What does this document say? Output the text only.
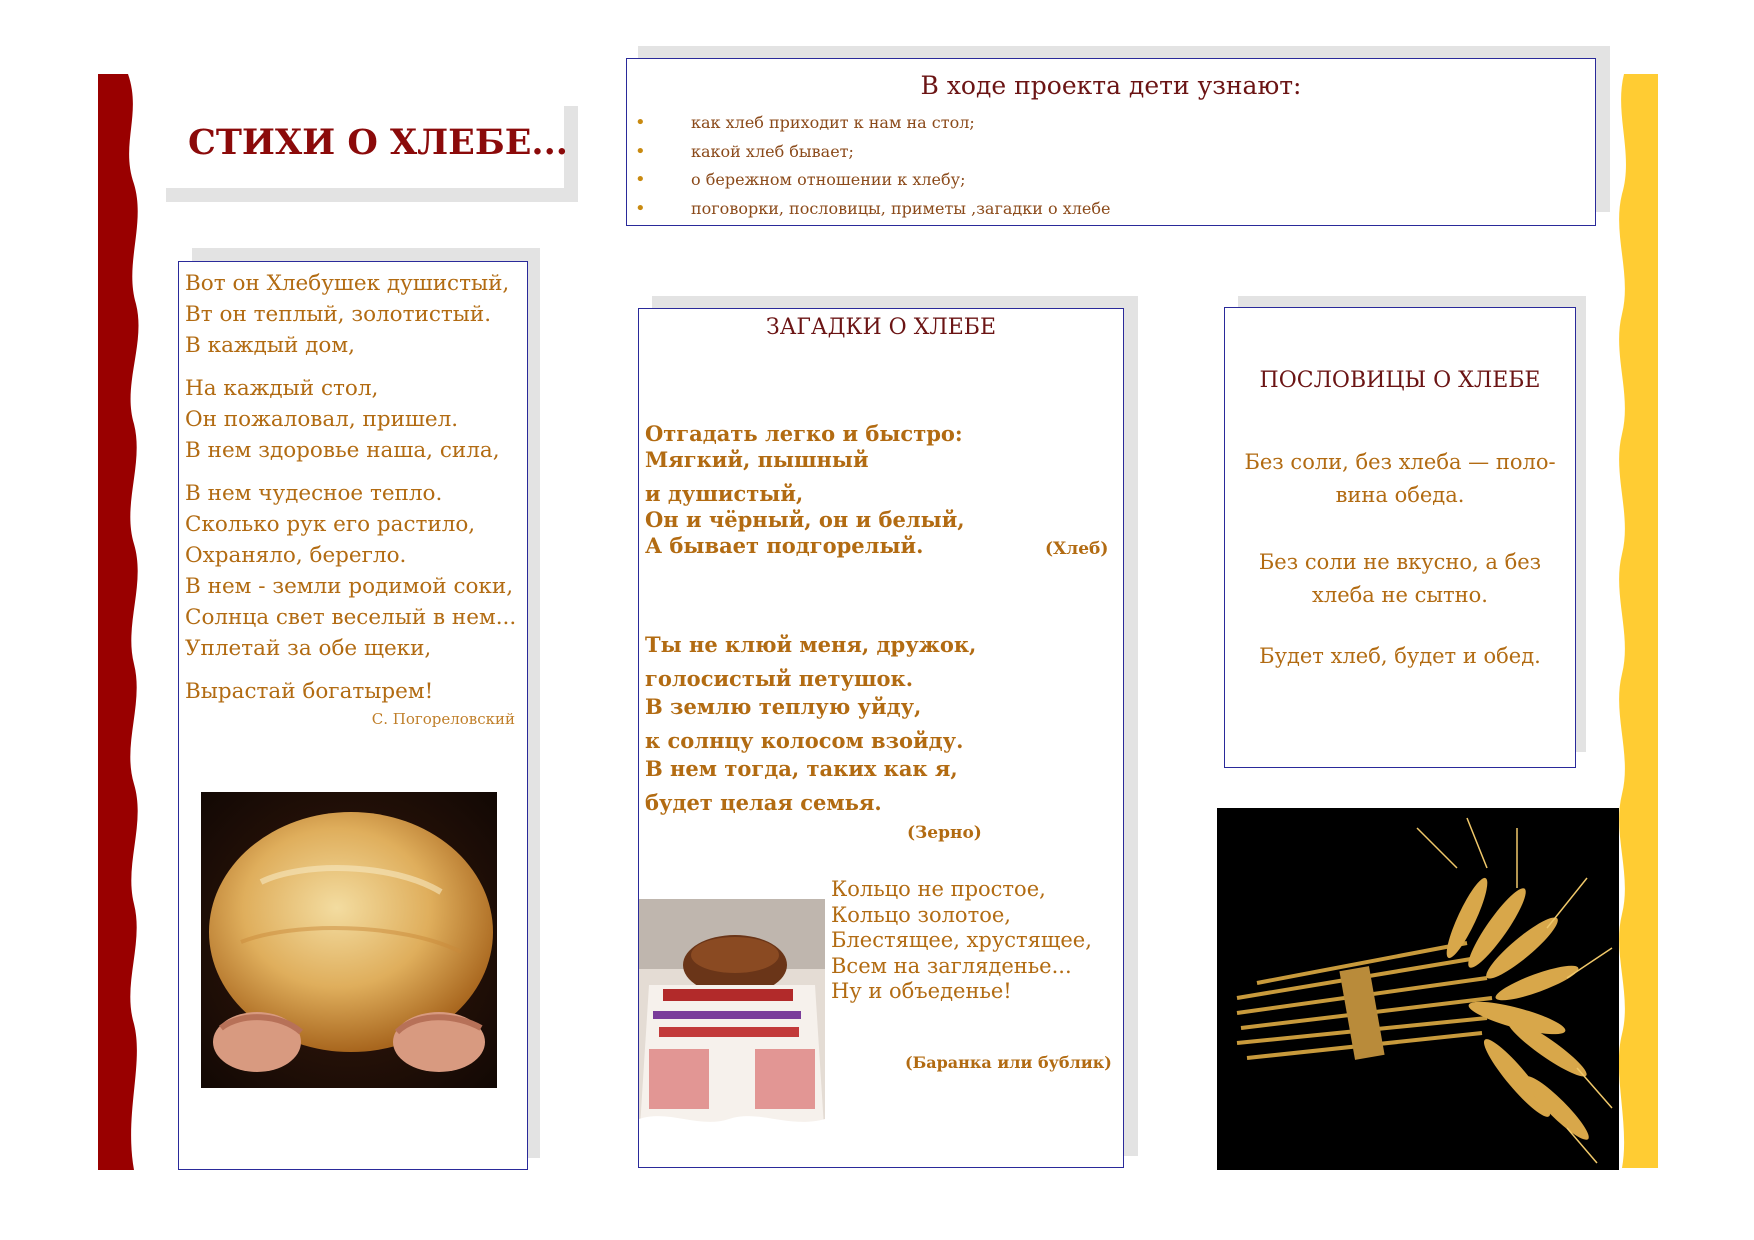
СТИХИ О ХЛЕБЕ...
В ходе проекта дети узнают:
• как хлеб приходит к нам на стол;
• какой хлеб бывает;
• о бережном отношении к хлебу;
• поговорки, пословицы, приметы ,загадки о хлебе

Вот он Хлебушек душистый,

Вт он теплый, золотистый.

В каждый дом,

На каждый стол,

Он пожаловал, пришел.

В нем здоровье наша, сила,

В нем чудесное тепло.

Сколько рук его растило,

Охраняло, берегло.

В нем - земли родимой соки,

Солнца свет веселый в нем...

Уплетай за обе щеки,

Вырастай богатырем!

С. Погореловский
ЗАГАДКИ О ХЛЕБЕ

Отгадать легко и быстро:

Мягкий, пышный

и душистый,

Он и чёрный, он и белый,

А бывает подгорелый.	(Хлеб)

Ты не клюй меня, дружок,

голосистый петушок.

В землю теплую уйду,

к солнцу колосом взойду.

В нем тогда, таких как я,

будет целая семья.

(Зерно)

Кольцо не простое,

Кольцо золотое,

Блестящее, хрустящее,

Всем на загляденье...

Ну и объеденье!

(Баранка или бублик)
ПОСЛОВИЦЫ О ХЛЕБЕ
Без соли, без хлеба — поло-
вина обеда.
Без соли не вкусно, а без
хлеба не сытно.
Будет хлеб, будет и обед.
